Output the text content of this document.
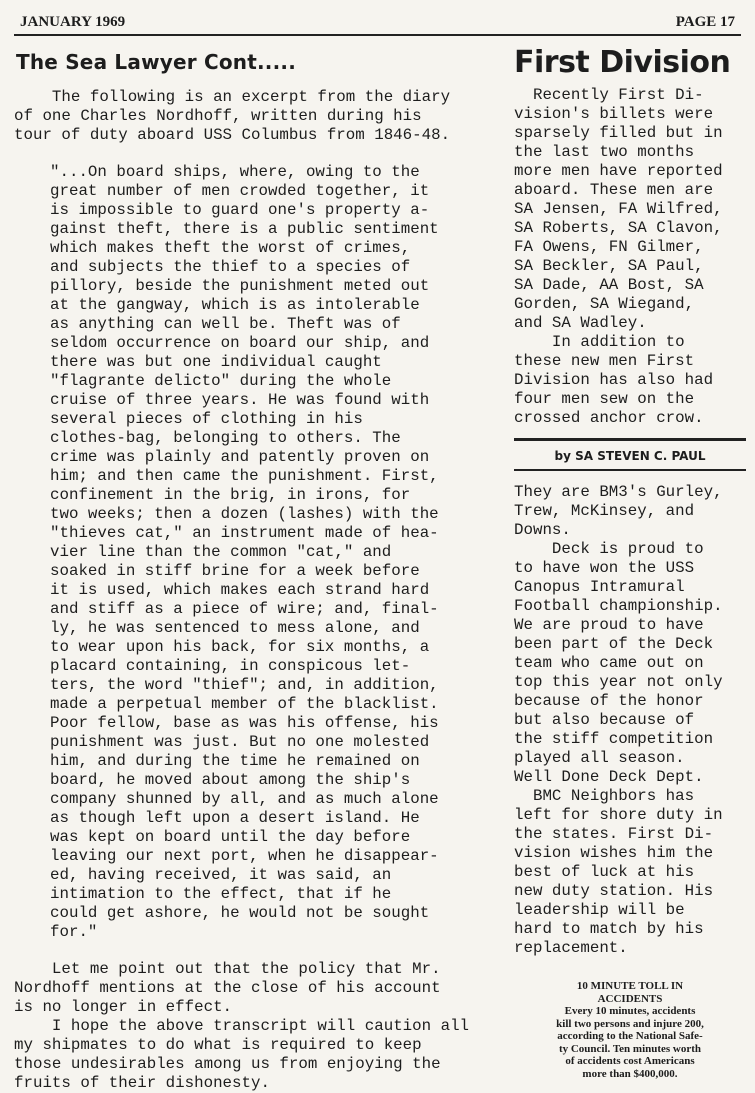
JANUARY 1969	PAGE 17
The Sea Lawyer Cont.....

The following is an excerpt from the diary
of one Charles Nordhoff, written during his
tour of duty aboard USS Columbus from 1846-48.

"...On board ships, where, owing to the
great number of men crowded together, it
is impossible to guard one's property a-
gainst theft, there is a public sentiment
which makes theft the worst of crimes,
and subjects the thief to a species of
pillory, beside the punishment meted out
at the gangway, which is as intolerable
as anything can well be. Theft was of
seldom occurrence on board our ship, and
there was but one individual caught
"flagrante delicto" during the whole
cruise of three years. He was found with
several pieces of clothing in his
clothes-bag, belonging to others. The
crime was plainly and patently proven on
him; and then came the punishment. First,
confinement in the brig, in irons, for
two weeks; then a dozen (lashes) with the
"thieves cat," an instrument made of hea-
vier line than the common "cat," and
soaked in stiff brine for a week before
it is used, which makes each strand hard
and stiff as a piece of wire; and, final-
ly, he was sentenced to mess alone, and
to wear upon his back, for six months, a
placard containing, in conspicous let-
ters, the word "thief"; and, in addition,
made a perpetual member of the blacklist.
Poor fellow, base as was his offense, his
punishment was just. But no one molested
him, and during the time he remained on
board, he moved about among the ship's
company shunned by all, and as much alone
as though left upon a desert island. He
was kept on board until the day before
leaving our next port, when he disappear-
ed, having received, it was said, an
intimation to the effect, that if he
could get ashore, he would not be sought
for."

Let me point out that the policy that Mr.
Nordhoff mentions at the close of his account
is no longer in effect.
I hope the above transcript will caution all
my shipmates to do what is required to keep
those undesirables among us from enjoying the
fruits of their dishonesty.

First Division

Recently First Di-
vision's billets were
sparsely filled but in
the last two months
more men have reported
aboard. These men are
SA Jensen, FA Wilfred,
SA Roberts, SA Clavon,
FA Owens, FN Gilmer,
SA Beckler, SA Paul,
SA Dade, AA Bost, SA
Gorden, SA Wiegand,
and SA Wadley.
In addition to
these new men First
Division has also had
four men sew on the
crossed anchor crow.

by SA STEVEN C. PAUL

They are BM3's Gurley,
Trew, McKinsey, and
Downs.
Deck is proud to
to have won the USS
Canopus Intramural
Football championship.
We are proud to have
been part of the Deck
team who came out on
top this year not only
because of the honor
but also because of
the stiff competition
played all season.
Well Done Deck Dept.
BMC Neighbors has
left for shore duty in
the states. First Di-
vision wishes him the
best of luck at his
new duty station. His
leadership will be
hard to match by his
replacement.

10 MINUTE TOLL IN
ACCIDENTS
Every 10 minutes, accidents
kill two persons and injure 200,
according to the National Safe-
ty Council. Ten minutes worth
of accidents cost Americans
more than $400,000.
